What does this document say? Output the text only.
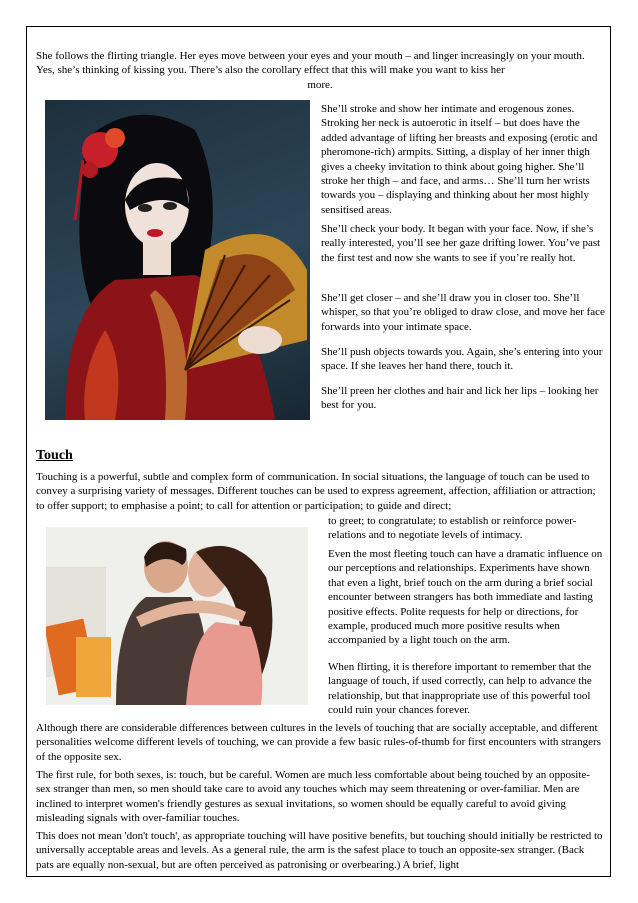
She follows the flirting triangle. Her eyes move between your eyes and your mouth – and linger increasingly on your mouth. Yes, she’s thinking of kissing you. There’s also the corollary effect that this will make you want to kiss her

more.

She’ll stroke and show her intimate and erogenous zones. Stroking her neck is autoerotic in itself – but does have the added advantage of lifting her breasts and exposing (erotic and pheromone-rich) armpits. Sitting, a display of her inner thigh gives a cheeky invitation to think about going higher. She’ll stroke her thigh – and face, and arms… She’ll turn her wrists towards you – displaying and thinking about her most highly sensitised areas.

She’ll check your body. It began with your face. Now, if she’s really interested, you’ll see her gaze drifting lower. You’ve past the first test and now she wants to see if you’re really hot.

She’ll get closer – and she’ll draw you in closer too. She’ll whisper, so that you’re obliged to draw close, and move her face forwards into your intimate space.

She’ll push objects towards you. Again, she’s entering into your space. If she leaves her hand there, touch it.

She’ll preen her clothes and hair and lick her lips – looking her best for you.

Touch

Touching is a powerful, subtle and complex form of communication. In social situations, the language of touch can be used to convey a surprising variety of messages. Different touches can be used to express agreement, affection, affiliation or attraction; to offer support; to emphasise a point; to call for attention or participation; to guide and direct;

to greet; to congratulate; to establish or reinforce power-relations and to negotiate levels of intimacy.

Even the most fleeting touch can have a dramatic influence on our perceptions and relationships. Experiments have shown that even a light, brief touch on the arm during a brief social encounter between strangers has both immediate and lasting positive effects. Polite requests for help or directions, for example, produced much more positive results when accompanied by a light touch on the arm.

When flirting, it is therefore important to remember that the language of touch, if used correctly, can help to advance the relationship, but that inappropriate use of this powerful tool could ruin your chances forever.

Although there are considerable differences between cultures in the levels of touching that are socially acceptable, and different personalities welcome different levels of touching, we can provide a few basic rules-of-thumb for first encounters with strangers of the opposite sex.

The first rule, for both sexes, is: touch, but be careful. Women are much less comfortable about being touched by an opposite-sex stranger than men, so men should take care to avoid any touches which may seem threatening or over-familiar. Men are inclined to interpret women's friendly gestures as sexual invitations, so women should be equally careful to avoid giving misleading signals with over-familiar touches.

This does not mean 'don't touch', as appropriate touching will have positive benefits, but touching should initially be restricted to universally acceptable areas and levels. As a general rule, the arm is the safest place to touch an opposite-sex stranger. (Back pats are equally non-sexual, but are often perceived as patronising or overbearing.) A brief, light
